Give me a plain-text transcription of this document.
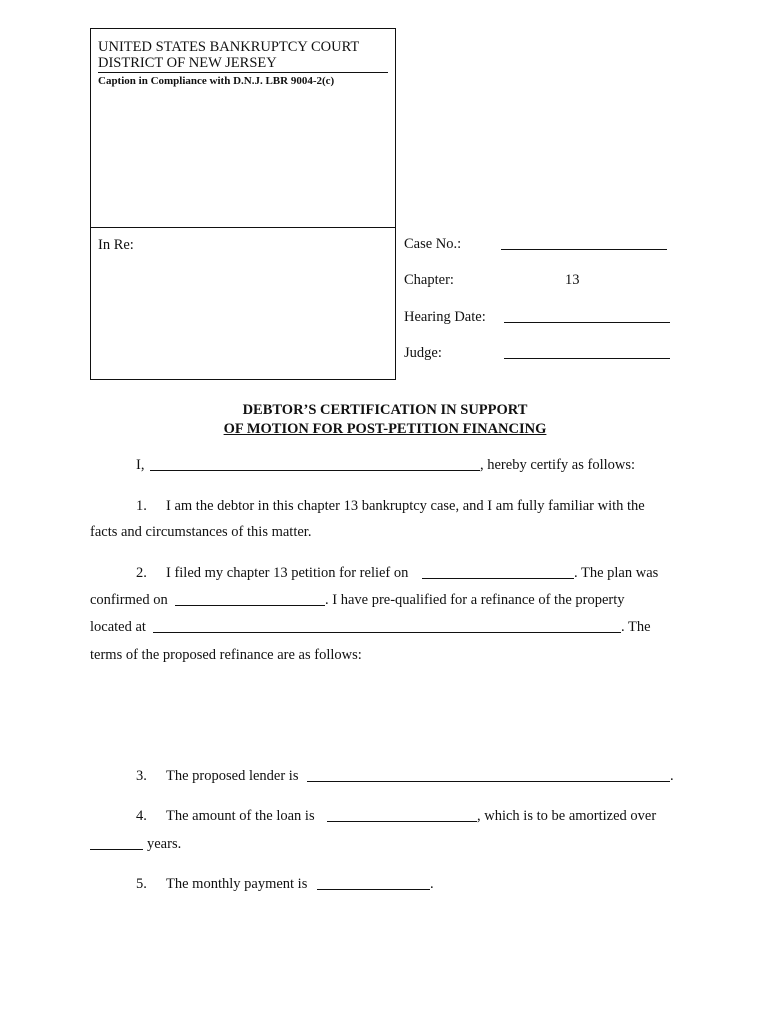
UNITED STATES BANKRUPTCY COURT
DISTRICT OF NEW JERSEY
Caption in Compliance with D.N.J. LBR 9004-2(c)
In Re:	Case No.:
Chapter:	13
Hearing Date:
Judge:
DEBTOR’S CERTIFICATION IN SUPPORT
OF MOTION FOR POST-PETITION FINANCING
I,	, hereby certify as follows:
1. I am the debtor in this chapter 13 bankruptcy case, and I am fully familiar with the
facts and circumstances of this matter.
2. I filed my chapter 13 petition for relief on	. The plan was
confirmed on	. I have pre-qualified for a refinance of the property
located at	. The
terms of the proposed refinance are as follows:
3. The proposed lender is	.
4. The amount of the loan is	, which is to be amortized over
years.
5. The monthly payment is	.
